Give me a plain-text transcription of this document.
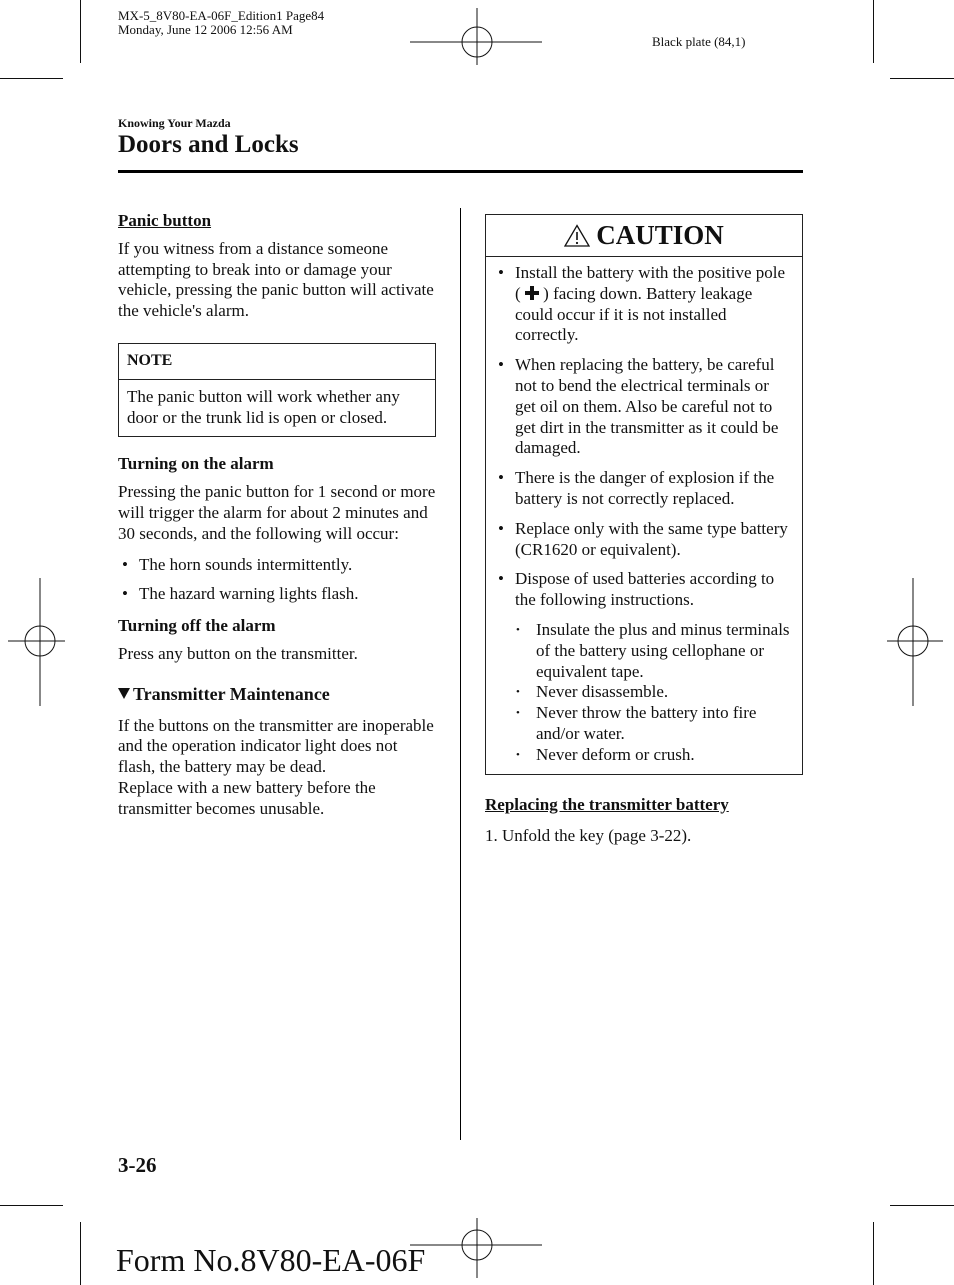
MX-5_8V80-EA-06F_Edition1 Page84
Monday, June 12 2006 12:56 AM
Black plate (84,1)
Knowing Your Mazda
Doors and Locks
Panic button

If you witness from a distance someone attempting to break into or damage your vehicle, pressing the panic button will activate the vehicle's alarm.

NOTE
The panic button will work whether any door or the trunk lid is open or closed.
Turning on the alarm

Pressing the panic button for 1 second or more will trigger the alarm for about 2 minutes and 30 seconds, and the following will occur:

• The horn sounds intermittently.
• The hazard warning lights flash.
Turning off the alarm

Press any button on the transmitter.

Transmitter Maintenance

If the buttons on the transmitter are inoperable and the operation indicator light does not flash, the battery may be dead.

Replace with a new battery before the transmitter becomes unusable.

CAUTION
• Install the battery with the positive pole ( ) facing down. Battery leakage could occur if it is not installed correctly.
• When replacing the battery, be careful not to bend the electrical terminals or get oil on them. Also be careful not to get dirt in the transmitter as it could be damaged.
• There is the danger of explosion if the battery is not correctly replaced.
• Replace only with the same type battery (CR1620 or equivalent).
• Dispose of used batteries according to the following instructions.
• Insulate the plus and minus terminals of the battery using cellophane or equivalent tape.
• Never disassemble.
• Never throw the battery into fire and/or water.
• Never deform or crush.
Replacing the transmitter battery

1. Unfold the key (page 3-22).

3-26
Form No.8V80-EA-06F
